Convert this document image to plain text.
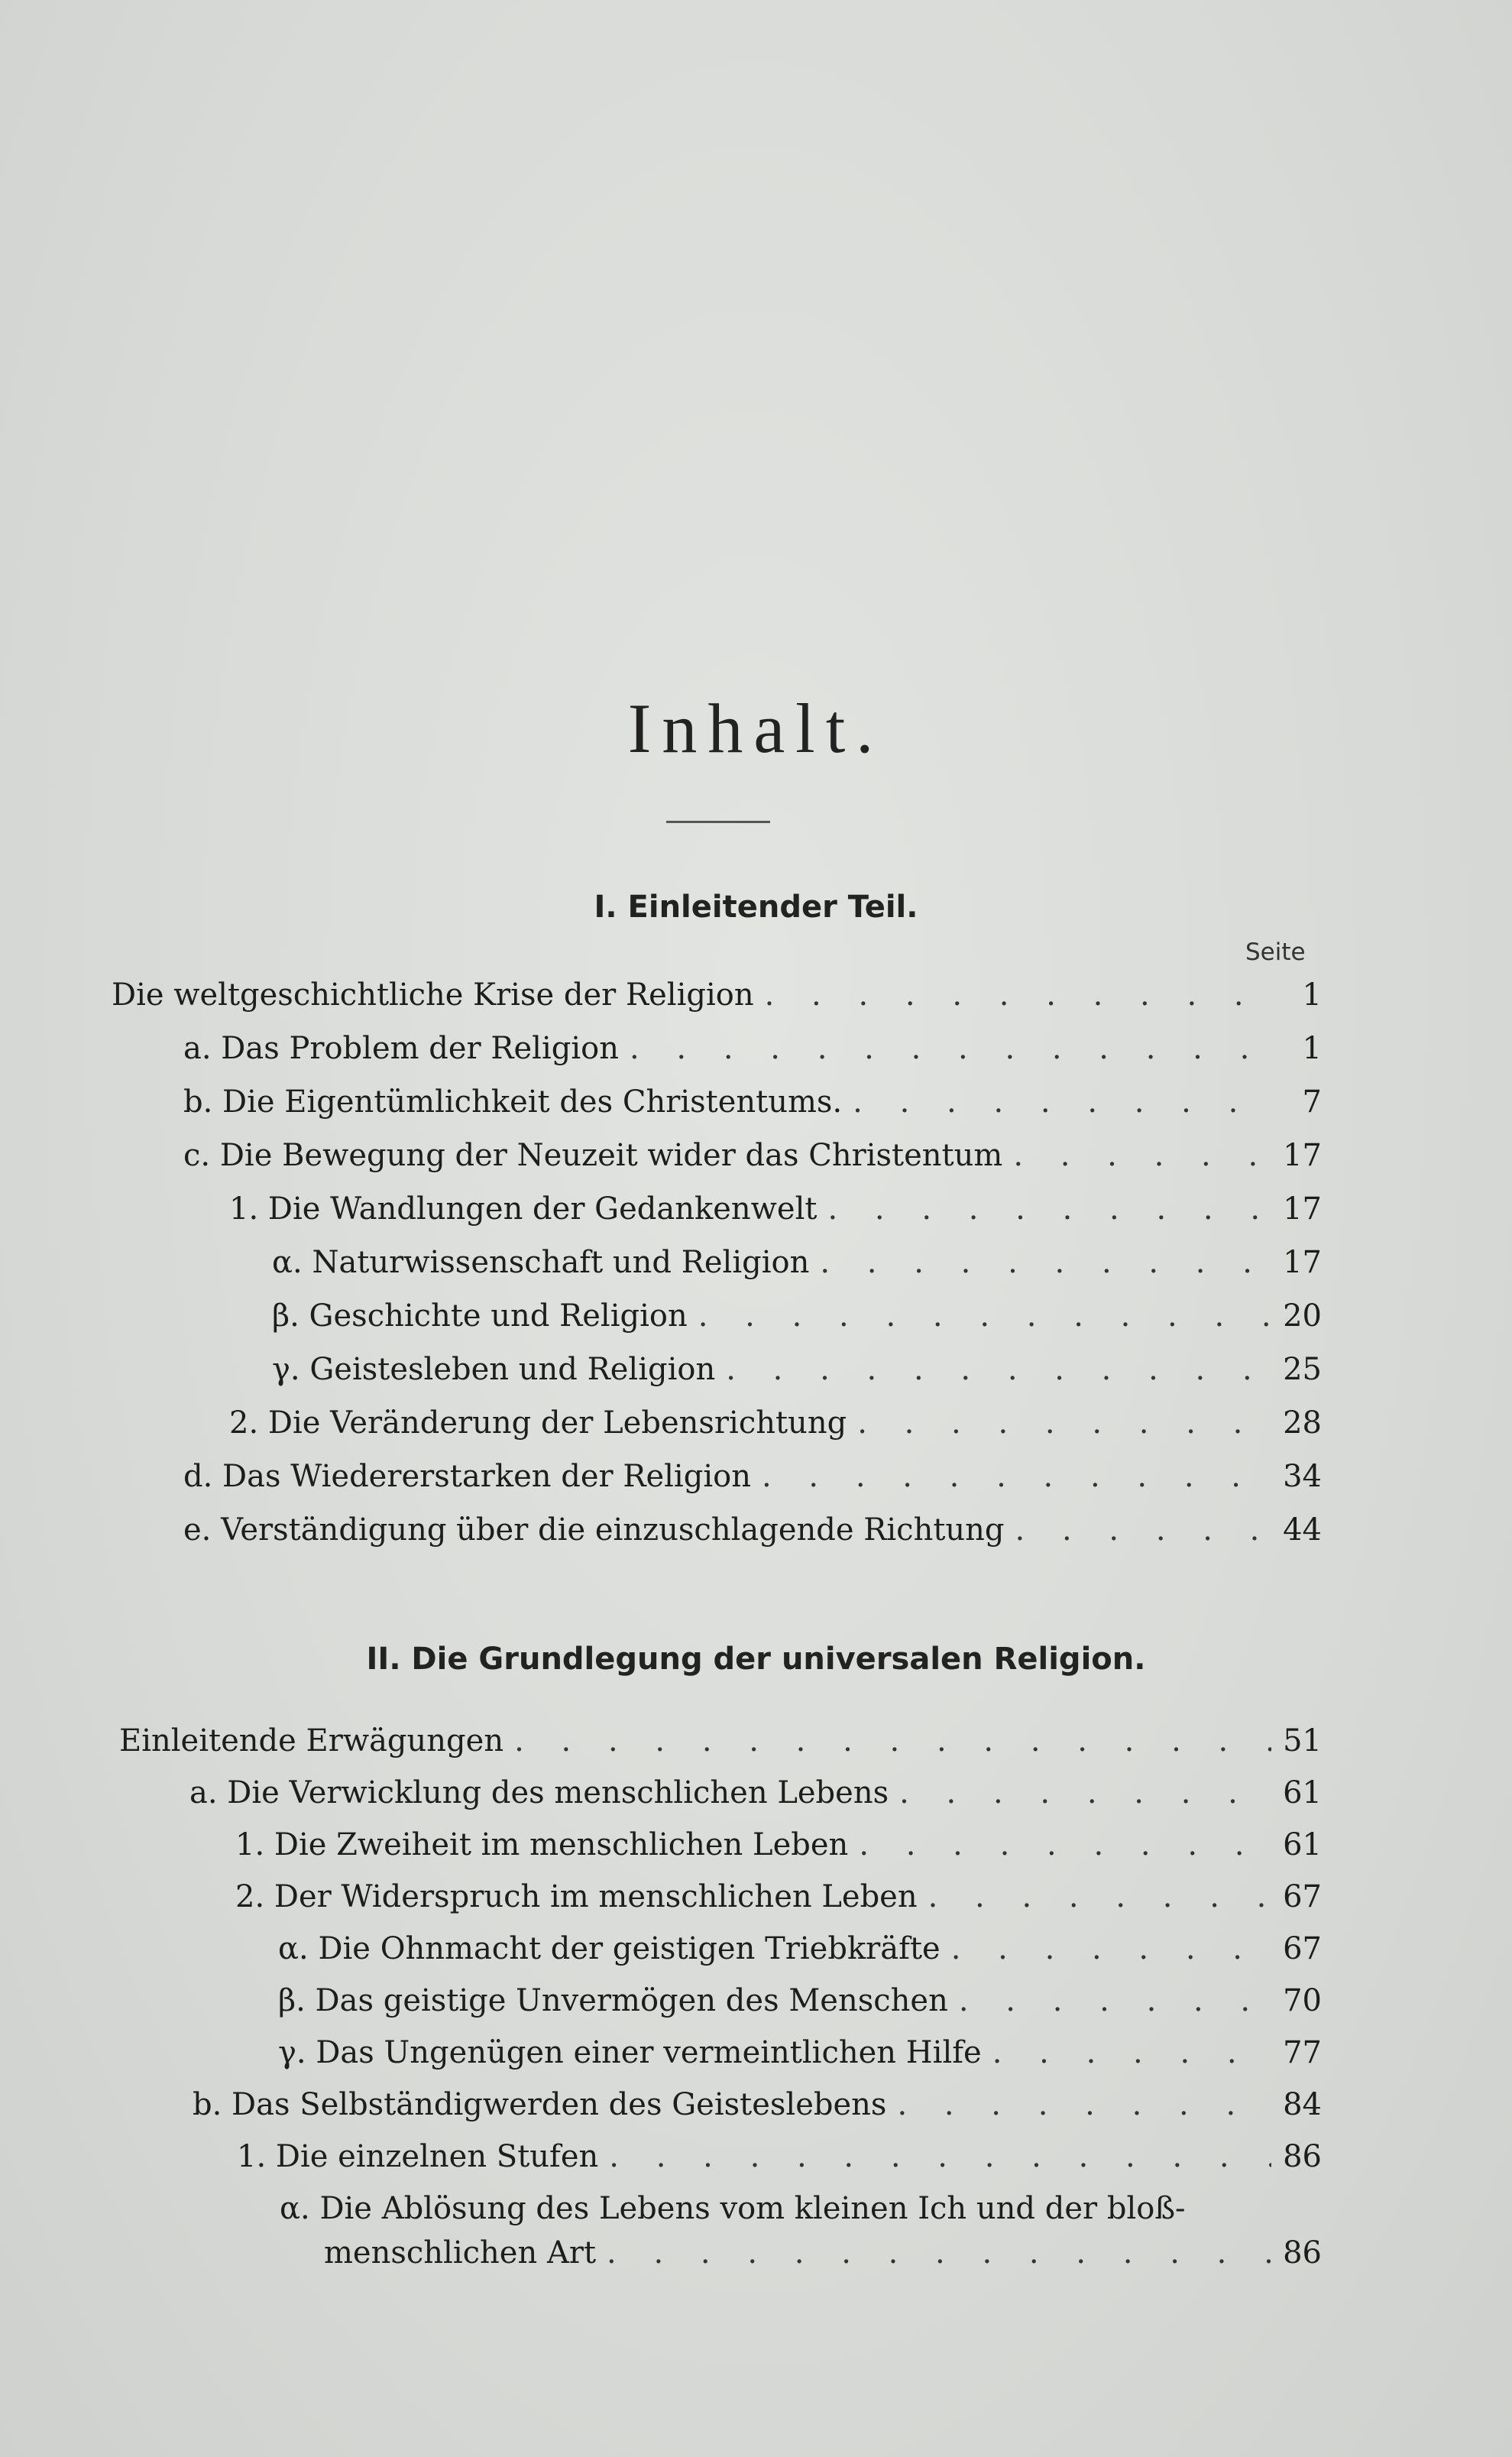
Inhalt.
I. Einleitender Teil.
Seite
Die weltgeschichtliche Krise der Religion . . .	1
a. Das Problem der Religion . . .	1
b. Die Eigentümlichkeit des Christentums. . . .	7
c. Die Bewegung der Neuzeit wider das Christentum . . .	17
1. Die Wandlungen der Gedankenwelt . . .	17
α. Naturwissenschaft und Religion . . .	17
β. Geschichte und Religion . . .	20
γ. Geistesleben und Religion . . .	25
2. Die Veränderung der Lebensrichtung . . .	28
d. Das Wiedererstarken der Religion . . .	34
e. Verständigung über die einzuschlagende Richtung . . .	44
II. Die Grundlegung der universalen Religion.
Einleitende Erwägungen . . .	51
a. Die Verwicklung des menschlichen Lebens . . .	61
1. Die Zweiheit im menschlichen Leben . . .	61
2. Der Widerspruch im menschlichen Leben . . .	67
α. Die Ohnmacht der geistigen Triebkräfte . . .	67
β. Das geistige Unvermögen des Menschen . . .	70
γ. Das Ungenügen einer vermeintlichen Hilfe . . .	77
b. Das Selbständigwerden des Geisteslebens . . .	84
1. Die einzelnen Stufen . . .	86
α. Die Ablösung des Lebens vom kleinen Ich und der bloß-
menschlichen Art . . .	86
